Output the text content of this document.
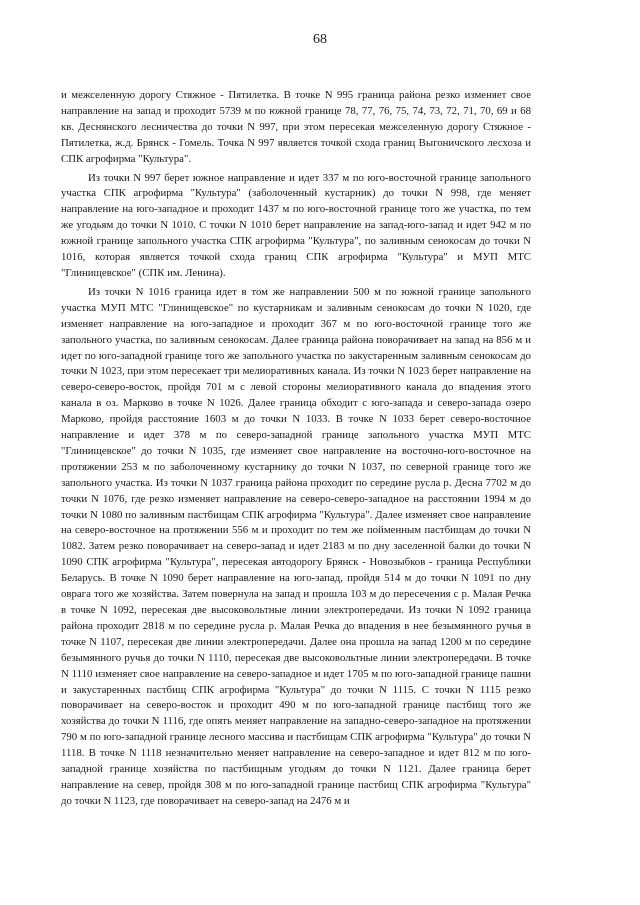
68

и межселенную дорогу Стяжное - Пятилетка. В точке N 995 граница района резко изменяет свое направление на запад и проходит 5739 м по южной границе 78, 77, 76, 75, 74, 73, 72, 71, 70, 69 и 68 кв. Деснянского лесничества до точки N 997, при этом пересекая межселенную дорогу Стяжное - Пятилетка, ж.д. Брянск - Гомель. Точка N 997 является точкой схода границ Выгоничского лесхоза и СПК агрофирма "Культура".

Из точки N 997 берет южное направление и идет 337 м по юго-восточной границе запольного участка СПК агрофирма "Культура" (заболоченный кустарник) до точки N 998, где меняет направление на юго-западное и проходит 1437 м по юго-восточной границе того же участка, по тем же угодьям до точки N 1010. С точки N 1010 берет направление на запад-юго-запад и идет 942 м по южной границе запольного участка СПК агрофирма "Культура", по заливным сенокосам до точки N 1016, которая является точкой схода границ СПК агрофирма "Культура" и МУП МТС "Глинищевское" (СПК им. Ленина).

Из точки N 1016 граница идет в том же направлении 500 м по южной границе запольного участка МУП МТС "Глинищевское" по кустарникам и заливным сенокосам до точки N 1020, где изменяет направление на юго-западное и проходит 367 м по юго-восточной границе того же запольного участка, по заливным сенокосам. Далее граница района поворачивает на запад на 856 м и идет по юго-западной границе того же запольного участка по закустаренным заливным сенокосам до точки N 1023, при этом пересекает три мелиоративных канала. Из точки N 1023 берет направление на северо-северо-восток, пройдя 701 м с левой стороны мелиоративного канала до впадения этого канала в оз. Марково в точке N 1026. Далее граница обходит с юго-запада и северо-запада озеро Марково, пройдя расстояние 1603 м до точки N 1033. В точке N 1033 берет северо-восточное направление и идет 378 м по северо-западной границе запольного участка МУП МТС "Глинищевское" до точки N 1035, где изменяет свое направление на восточно-юго-восточное на протяжении 253 м по заболоченному кустарнику до точки N 1037, по северной границе того же запольного участка. Из точки N 1037 граница района проходит по середине русла р. Десна 7702 м до точки N 1076, где резко изменяет направление на северо-северо-западное на расстоянии 1994 м до точки N 1080 по заливным пастбищам СПК агрофирма "Культура". Далее изменяет свое направление на северо-восточное на протяжении 556 м и проходит по тем же пойменным пастбищам до точки N 1082. Затем резко поворачивает на северо-запад и идет 2183 м по дну заселенной балки до точки N 1090 СПК агрофирма "Культура", пересекая автодорогу Брянск - Новозыбков - граница Республики Беларусь. В точке N 1090 берет направление на юго-запад, пройдя 514 м до точки N 1091 по дну оврага того же хозяйства. Затем повернула на запад и прошла 103 м до пересечения с р. Малая Речка в точке N 1092, пересекая две высоковольтные линии электропередачи. Из точки N 1092 граница района проходит 2818 м по середине русла р. Малая Речка до впадения в нее безымянного ручья в точке N 1107, пересекая две линии электропередачи. Далее она прошла на запад 1200 м по середине безымянного ручья до точки N 1110, пересекая две высоковольтные линии электропередачи. В точке N 1110 изменяет свое направление на северо-западное и идет 1705 м по юго-западной границе пашни и закустаренных пастбищ СПК агрофирма "Культура" до точки N 1115. С точки N 1115 резко поворачивает на северо-восток и проходит 490 м по юго-западной границе пастбищ того же хозяйства до точки N 1116, где опять меняет направление на западно-северо-западное на протяжении 790 м по юго-западной границе лесного массива и пастбищам СПК агрофирма "Культура" до точки N 1118. В точке N 1118 незначительно меняет направление на северо-западное и идет 812 м по юго-западной границе хозяйства по пастбищным угодьям до точки N 1121. Далее граница берет направление на север, пройдя 308 м по юго-западной границе пастбищ СПК агрофирма "Культура" до точки N 1123, где поворачивает на северо-запад на 2476 м и
